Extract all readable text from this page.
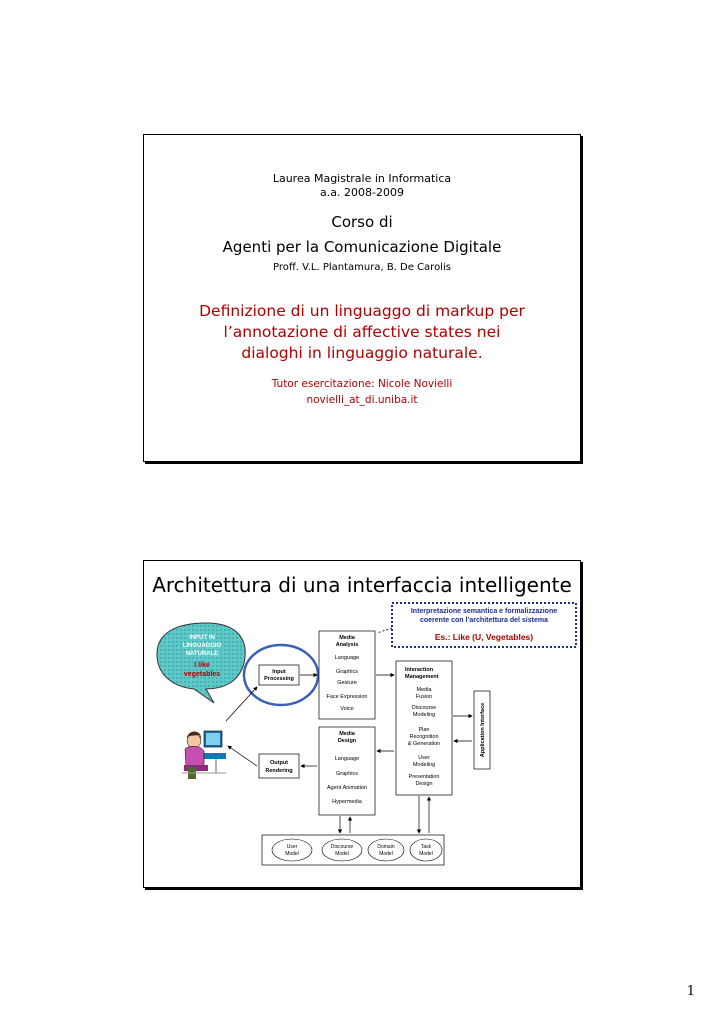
Laurea Magistrale in Informatica
a.a. 2008-2009
Corso di
Agenti per la Comunicazione Digitale
Proff. V.L. Plantamura, B. De Carolis
Definizione di un linguaggo di markup per
l’annotazione di affective states nei
dialoghi in linguaggio naturale.
Tutor esercitazione: Nicole Novielli
novielli_at_di.uniba.it
Architettura di una interfaccia intelligente
Interpretazione semantica e formalizzazione
coerente con l’architettura del sistema
Es.: Like (U, Vegetables)
INPUT IN
LINGUAGGIO
NATURALE
I like
vegetables	Input
Processing
Output
Rendering
Media
Analysis
Language
Graphics
Gesture
Face Expression
Voice
Media
Design
Language
Graphics
Agent Animation
Hypermedia
Interaction
Management
Media
Fusion
Discourse
Modeling
Plan
Recognition
& Generation
User
Modeling
Presentation
Design
Application Interface
User
Model
Discourse
Model
Domain
Model
Task
Model
1
